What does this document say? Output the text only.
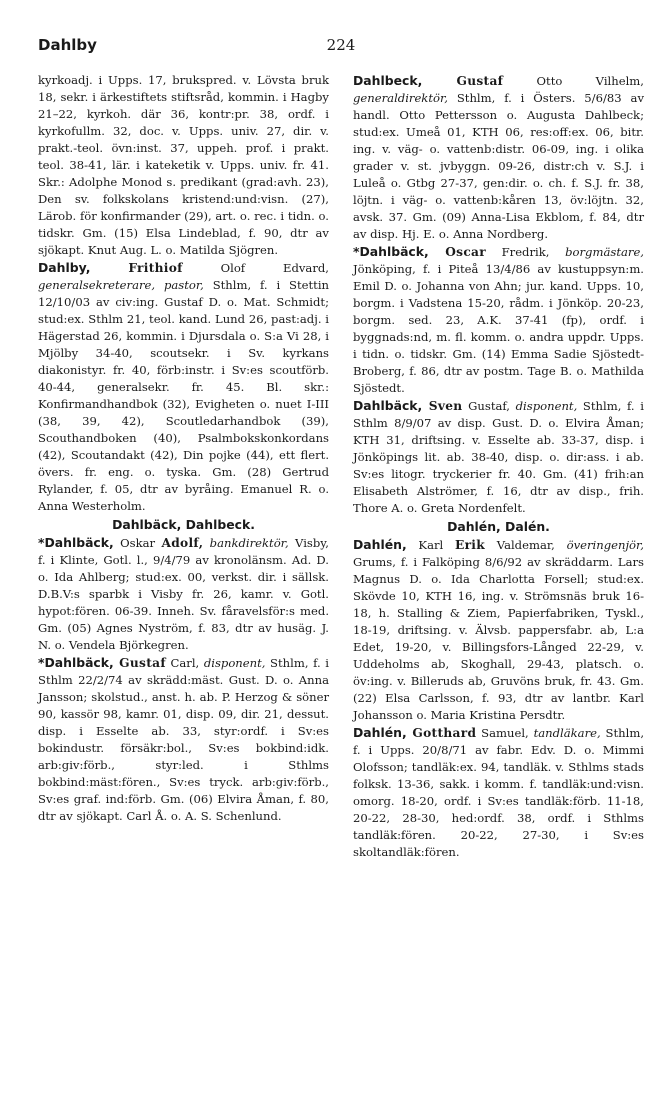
Dahlby	224

kyrkoadj. i Upps. 17, brukspred. v. Lövsta bruk 18, sekr. i ärkestiftets stiftsråd, kommin. i Hagby 21–22, kyrkoh. där 36, kontr:pr. 38, ordf. i kyrkofullm. 32, doc. v. Upps. univ. 27, dir. v. prakt.-teol. övn:inst. 37, uppeh. prof. i prakt. teol. 38-41, lär. i kateketik v. Upps. univ. fr. 41. Skr.: Adolphe Monod s. predikant (grad:avh. 23), Den sv. folkskolans kristend:und:visn. (27), Lärob. för konfirmander (29), art. o. rec. i tidn. o. tidskr. Gm. (15) Elsa Lindeblad, f. 90, dtr av sjökapt. Knut Aug. L. o. Matilda Sjögren.

Dahlby,	Frithiof Olof Edvard, generalsekreterare, pastor, Sthlm, f. i Stettin 12/10/03 av civ:ing. Gustaf D. o. Mat. Schmidt; stud:ex. Sthlm 21, teol. kand. Lund 26, past:adj. i Hägerstad 26, kommin. i Djursdala o. S:a Vi 28, i Mjölby 34-40, scoutsekr. i Sv. kyrkans diakonistyr. fr. 40, förb:instr. i Sv:es scoutförb. 40-44, generalsekr. fr. 45. Bl. skr.: Konfirmandhandbok (32), Evigheten o. nuet I-III (38, 39, 42), Scoutledarhandbok (39), Scouthandboken (40), Psalmbokskonkordans (42), Scoutandakt (42), Din pojke (44), ett flert. övers. fr. eng. o. tyska. Gm. (28) Gertrud Rylander, f. 05, dtr av byråing. Emanuel R. o. Anna Westerholm.

Dahlbäck, Dahlbeck.

*Dahlbäck, Oskar Adolf, bankdirektör, Visby, f. i Klinte, Gotl. l., 9/4/79 av kronolänsm. Ad. D. o. Ida Ahlberg; stud:ex. 00, verkst. dir. i sällsk. D.B.V:s sparbk i Visby fr. 26, kamr. v. Gotl. hypot:fören. 06-39. Inneh. Sv. fåravelsför:s med. Gm. (05) Agnes Nyström, f. 83, dtr av husäg. J. N. o. Vendela Björkegren.

*Dahlbäck, Gustaf Carl, disponent, Sthlm, f. i Sthlm 22/2/74 av skrädd:mäst. Gust. D. o. Anna Jansson; skolstud., anst. h. ab. P. Herzog & söner 90, kassör 98, kamr. 01, disp. 09, dir. 21, dessut. disp. i Esselte ab. 33, styr:ordf. i Sv:es bokindustr. försäkr:bol., Sv:es bokbind:idk. arb:giv:förb., styr:led. i Sthlms bokbind:mäst:fören., Sv:es tryck. arb:giv:förb., Sv:es graf. ind:förb. Gm. (06) Elvira Åman, f. 80, dtr av sjökapt. Carl Å. o. A. S. Schenlund.

Dahlbeck, Gustaf Otto Vilhelm, generaldirektör, Sthlm, f. i Östers. 5/6/83 av handl. Otto Pettersson o. Augusta Dahlbeck; stud:ex. Umeå 01, KTH 06, res:off:ex. 06, bitr. ing. v. väg- o. vattenb:distr. 06-09, ing. i olika grader v. st. jvbyggn. 09-26, distr:ch v. S.J. i Luleå o. Gtbg 27-37, gen:dir. o. ch. f. S.J. fr. 38, löjtn. i väg- o. vattenb:kåren 13, öv:löjtn. 32, avsk. 37. Gm. (09) Anna-Lisa Ekblom, f. 84, dtr av disp. Hj. E. o. Anna Nordberg.

*Dahlbäck, Oscar Fredrik, borgmästare, Jönköping, f. i Piteå 13/4/86 av kustuppsyn:m. Emil D. o. Johanna von Ahn; jur. kand. Upps. 10, borgm. i Vadstena 15-20, rådm. i Jönköp. 20-23, borgm. sed. 23, A.K. 37-41 (fp), ordf. i byggnads:nd, m. fl. komm. o. andra uppdr. Upps. i tidn. o. tidskr. Gm. (14) Emma Sadie Sjöstedt-Broberg, f. 86, dtr av postm. Tage B. o. Mathilda Sjöstedt.

Dahlbäck, Sven Gustaf, disponent, Sthlm, f. i Sthlm 8/9/07 av disp. Gust. D. o. Elvira Åman; KTH 31, driftsing. v. Esselte ab. 33-37, disp. i Jönköpings lit. ab. 38-40, disp. o. dir:ass. i ab. Sv:es litogr. tryckerier fr. 40. Gm. (41) frih:an Elisabeth Alströmer, f. 16, dtr av disp., frih. Thore A. o. Greta Nordenfelt.

Dahlén, Dalén.

Dahlén, Karl Erik Valdemar, överingenjör, Grums, f. i Falköping 8/6/92 av skräddarm. Lars Magnus D. o. Ida Charlotta Forsell; stud:ex. Skövde 10, KTH 16, ing. v. Strömsnäs bruk 16-18, h. Stalling & Ziem, Papierfabriken, Tyskl., 18-19, driftsing. v. Älvsb. pappersfabr. ab, L:a Edet, 19-20, v. Billingsfors-Långed 22-29, v. Uddeholms ab, Skoghall, 29-43, platsch. o. öv:ing. v. Billeruds ab, Gruvöns bruk, fr. 43. Gm. (22) Elsa Carlsson, f. 93, dtr av lantbr. Karl Johansson o. Maria Kristina Persdtr.

Dahlén, Gotthard Samuel, tandläkare, Sthlm, f. i Upps. 20/8/71 av fabr. Edv. D. o. Mimmi Olofsson; tandläk:ex. 94, tandläk. v. Sthlms stads folksk. 13-36, sakk. i komm. f. tandläk:und:visn. omorg. 18-20, ordf. i Sv:es tandläk:förb. 11-18, 20-22, 28-30, hed:ordf. 38, ordf. i Sthlms tandläk:fören. 20-22, 27-30, i Sv:es skoltandläk:fören.
